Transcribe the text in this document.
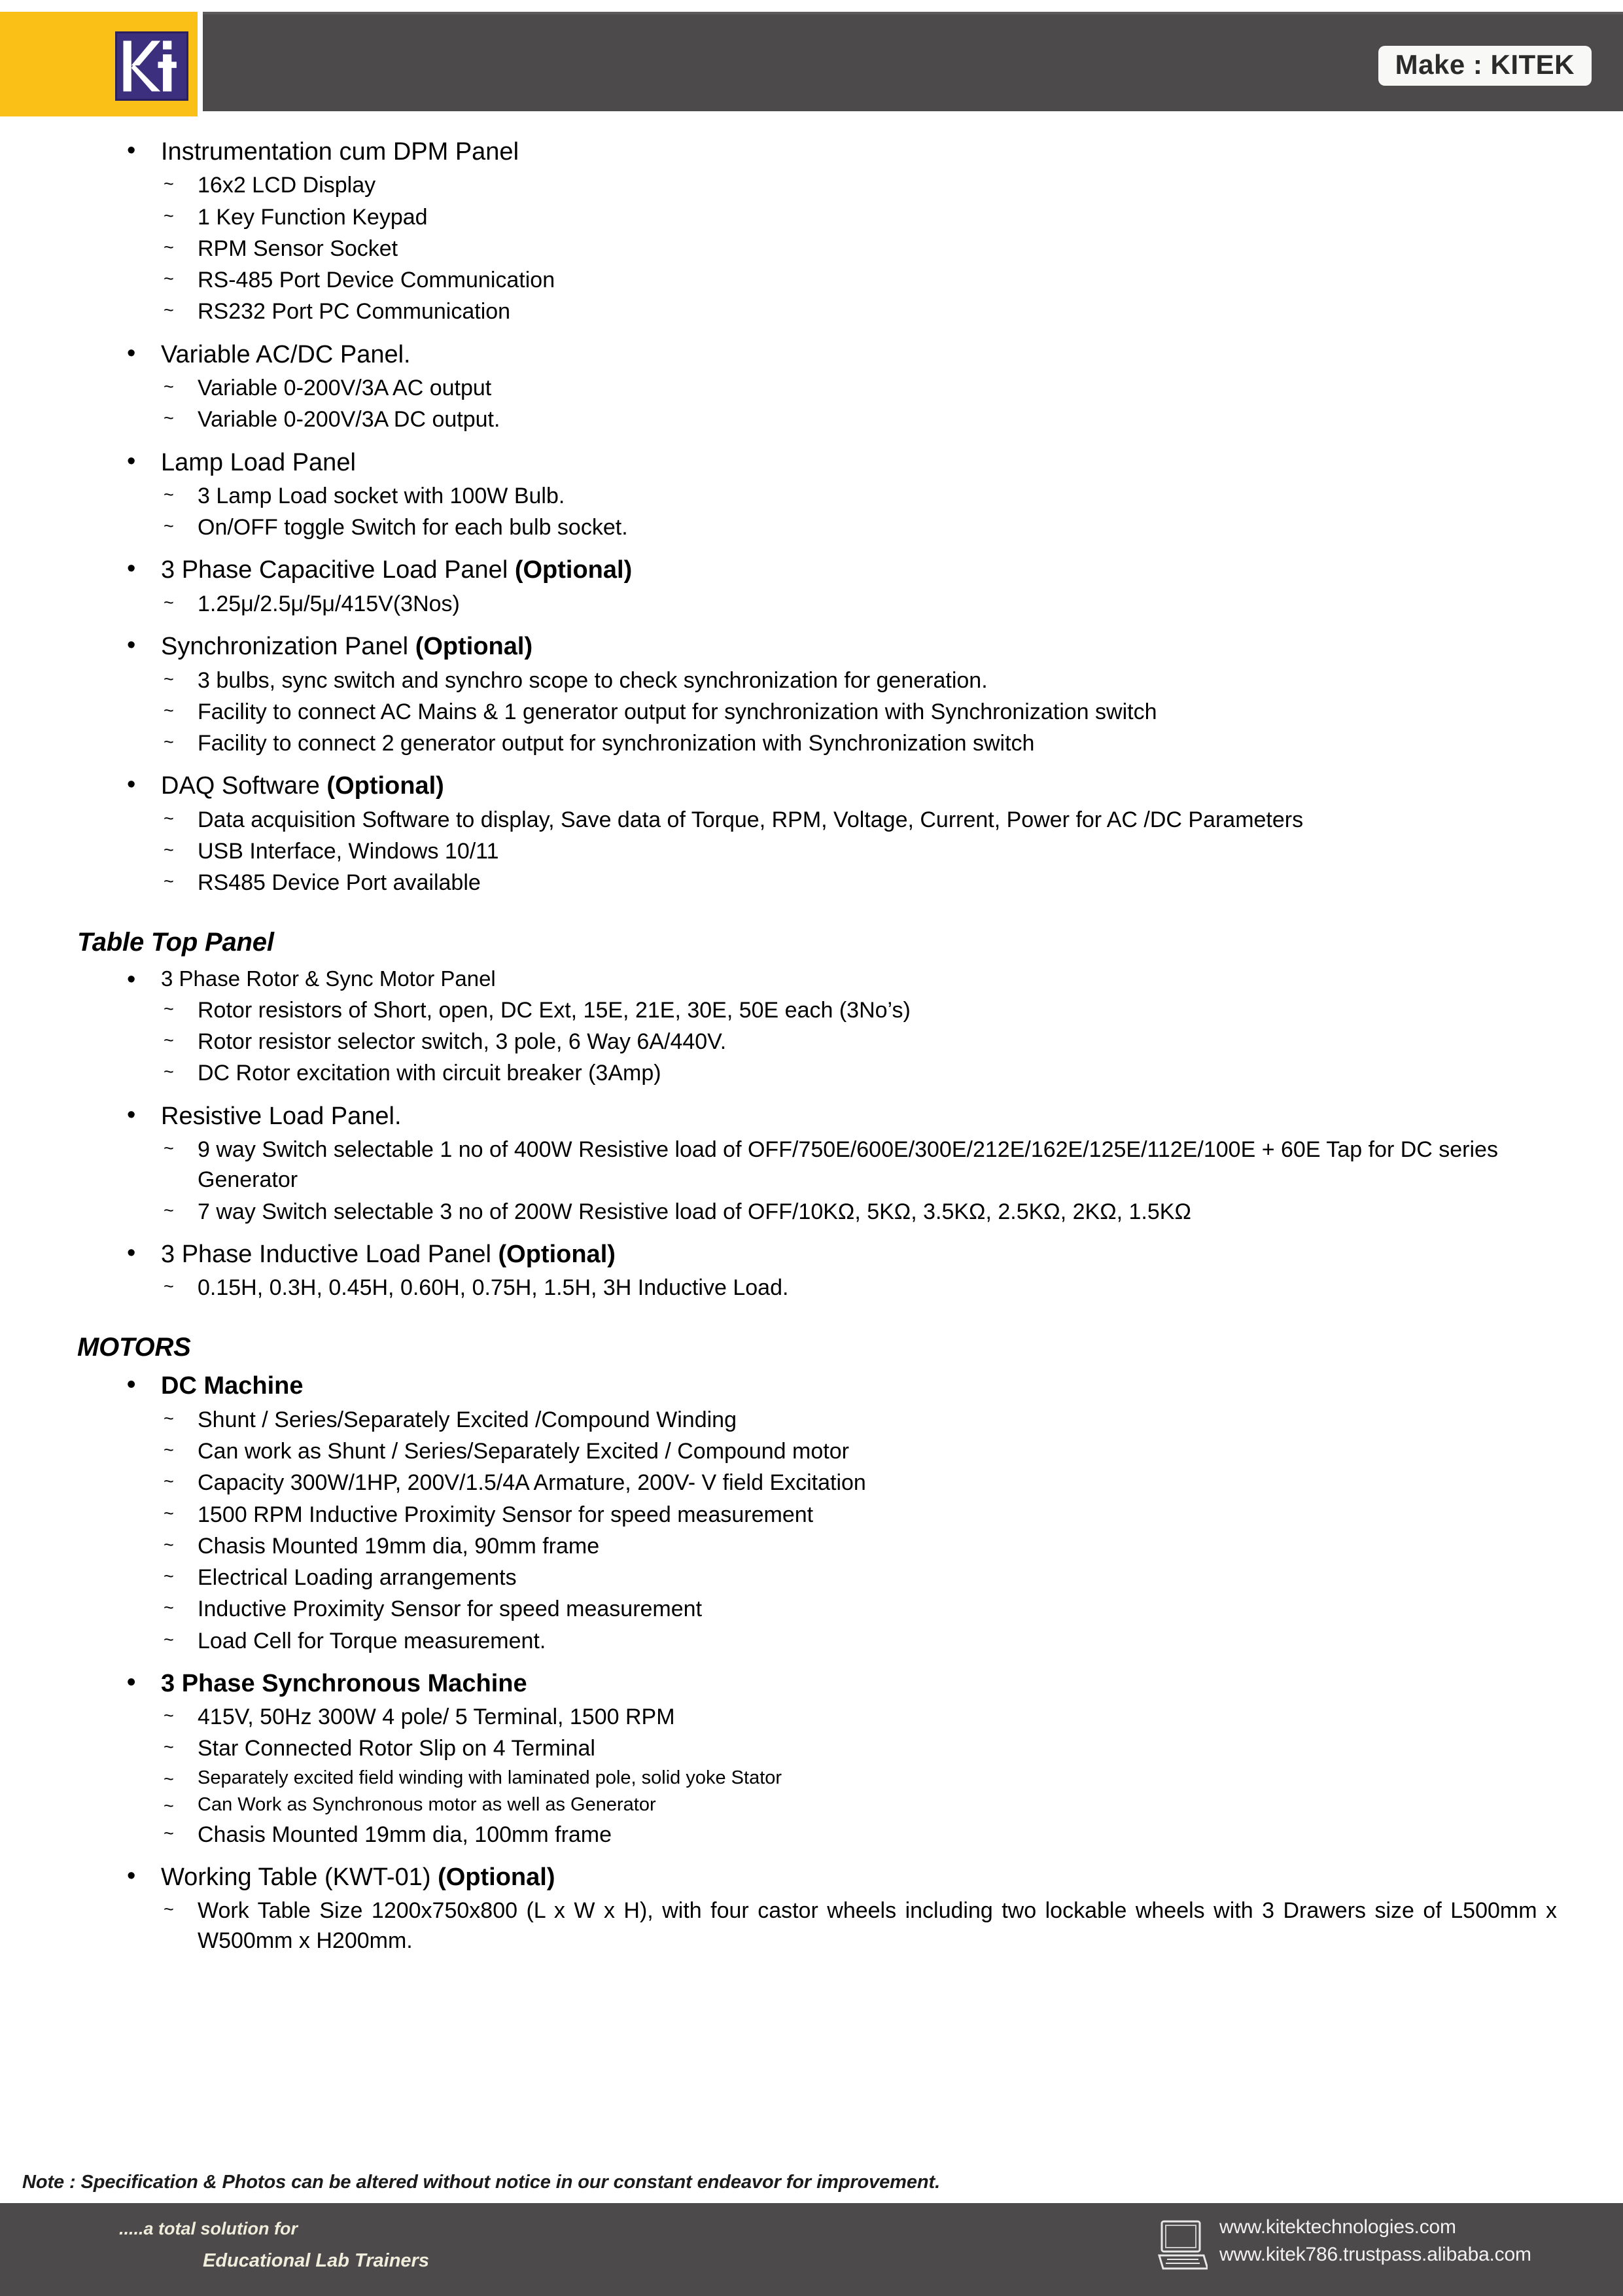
Make : KITEK
• Instrumentation cum DPM Panel
~ 16x2 LCD Display
~ 1 Key Function Keypad
~ RPM Sensor Socket
~ RS-485 Port Device Communication
~ RS232 Port PC Communication
• Variable AC/DC Panel.
~ Variable 0-200V/3A AC output
~ Variable 0-200V/3A DC output.
• Lamp Load Panel
~ 3 Lamp Load socket with 100W Bulb.
~ On/OFF toggle Switch for each bulb socket.
• 3 Phase Capacitive Load Panel (Optional)
~ 1.25μ/2.5μ/5μ/415V(3Nos)
• Synchronization Panel (Optional)
~ 3 bulbs, sync switch and synchro scope to check synchronization for generation.
~ Facility to connect AC Mains & 1 generator output for synchronization with Synchronization switch
~ Facility to connect 2 generator output for synchronization with Synchronization switch
• DAQ Software (Optional)
~ Data acquisition Software to display, Save data of Torque, RPM, Voltage, Current, Power for AC /DC Parameters
~ USB Interface, Windows 10/11
~ RS485 Device Port available
Table Top Panel
• 3 Phase Rotor & Sync Motor Panel
~ Rotor resistors of Short, open, DC Ext, 15E, 21E, 30E, 50E each (3No’s)
~ Rotor resistor selector switch, 3 pole, 6 Way 6A/440V.
~ DC Rotor excitation with circuit breaker (3Amp)
• Resistive Load Panel.
~ 9 way Switch selectable 1 no of 400W Resistive load of OFF/750E/600E/300E/212E/162E/125E/112E/100E + 60E Tap for DC series Generator
~ 7 way Switch selectable 3 no of 200W Resistive load of OFF/10KΩ, 5KΩ, 3.5KΩ, 2.5KΩ, 2KΩ, 1.5KΩ
• 3 Phase Inductive Load Panel (Optional)
~ 0.15H, 0.3H, 0.45H, 0.60H, 0.75H, 1.5H, 3H Inductive Load.
MOTORS
• DC Machine
~ Shunt / Series/Separately Excited /Compound Winding
~ Can work as Shunt / Series/Separately Excited / Compound motor
~ Capacity 300W/1HP, 200V/1.5/4A Armature, 200V- V field Excitation
~ 1500 RPM Inductive Proximity Sensor for speed measurement
~ Chasis Mounted 19mm dia, 90mm frame
~ Electrical Loading arrangements
~ Inductive Proximity Sensor for speed measurement
~ Load Cell for Torque measurement.
• 3 Phase Synchronous Machine
~ 415V, 50Hz 300W 4 pole/ 5 Terminal, 1500 RPM
~ Star Connected Rotor Slip on 4 Terminal
~ Separately excited field winding with laminated pole, solid yoke Stator
~ Can Work as Synchronous motor as well as Generator
~ Chasis Mounted 19mm dia, 100mm frame
• Working Table (KWT-01) (Optional)
~ Work Table Size 1200x750x800 (L x W x H), with four castor wheels including two lockable wheels with 3 Drawers size of L500mm x W500mm x H200mm.
Note : Specification & Photos can be altered without notice in our constant endeavor for improvement.
.....a total solution for
Educational Lab Trainers
www.kitektechnologies.com
www.kitek786.trustpass.alibaba.com
